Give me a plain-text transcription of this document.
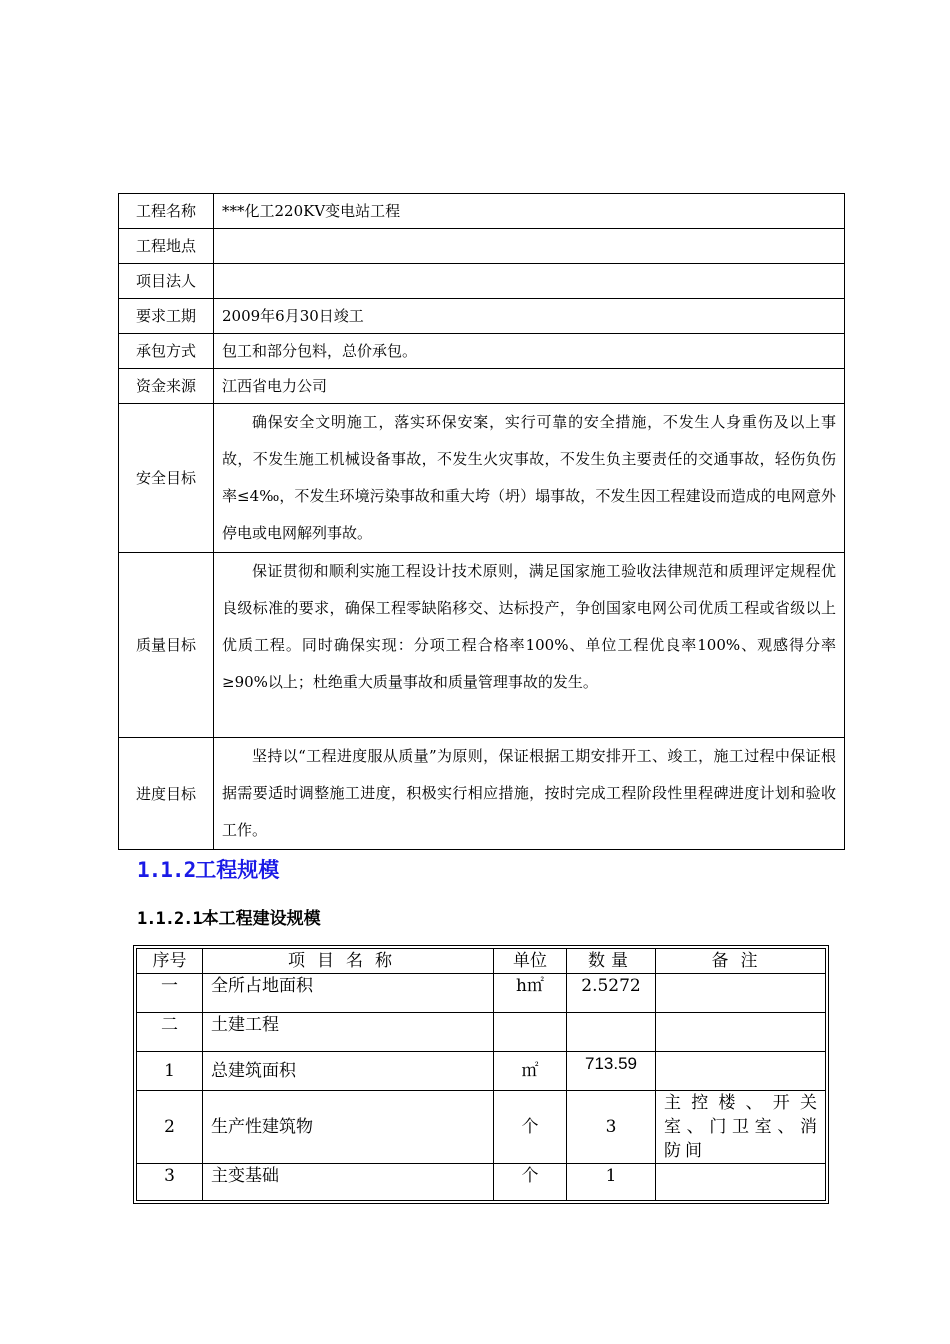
工程名称	***化工220KV变电站工程
工程地点	
项目法人	
要求工期	2009年6月30日竣工
承包方式	包工和部分包料，总价承包。
资金来源	江西省电力公司
安全目标	确保安全文明施工，落实环保安案，实行可靠的安全措施，不发生人身重伤及以上事故，不发生施工机械设备事故，不发生火灾事故，不发生负主要责任的交通事故，轻伤负伤率≤4‰，不发生环境污染事故和重大垮（坍）塌事故，不发生因工程建设而造成的电网意外停电或电网解列事故。
质量目标	保证贯彻和顺利实施工程设计技术原则，满足国家施工验收法律规范和质理评定规程优良级标准的要求，确保工程零缺陷移交、达标投产，争创国家电网公司优质工程或省级以上优质工程。同时确保实现：分项工程合格率100%、单位工程优良率100%、观感得分率≥90%以上；杜绝重大质量事故和质量管理事故的发生。
进度目标	坚持以“工程进度服从质量”为原则，保证根据工期安排开工、竣工，施工过程中保证根据需要适时调整施工进度，积极实行相应措施，按时完成工程阶段性里程碑进度计划和验收工作。
1.1.2工程规模
1.1.2.1本工程建设规模
序号	项目名称	单位	数量	备注
一	全所占地面积	h㎡	2.5272	
二	土建工程			
1	总建筑面积	㎡	713.59	
2	生产性建筑物	个	3	主控楼、开关室、门卫室、消防间
3	主变基础	个	1	
